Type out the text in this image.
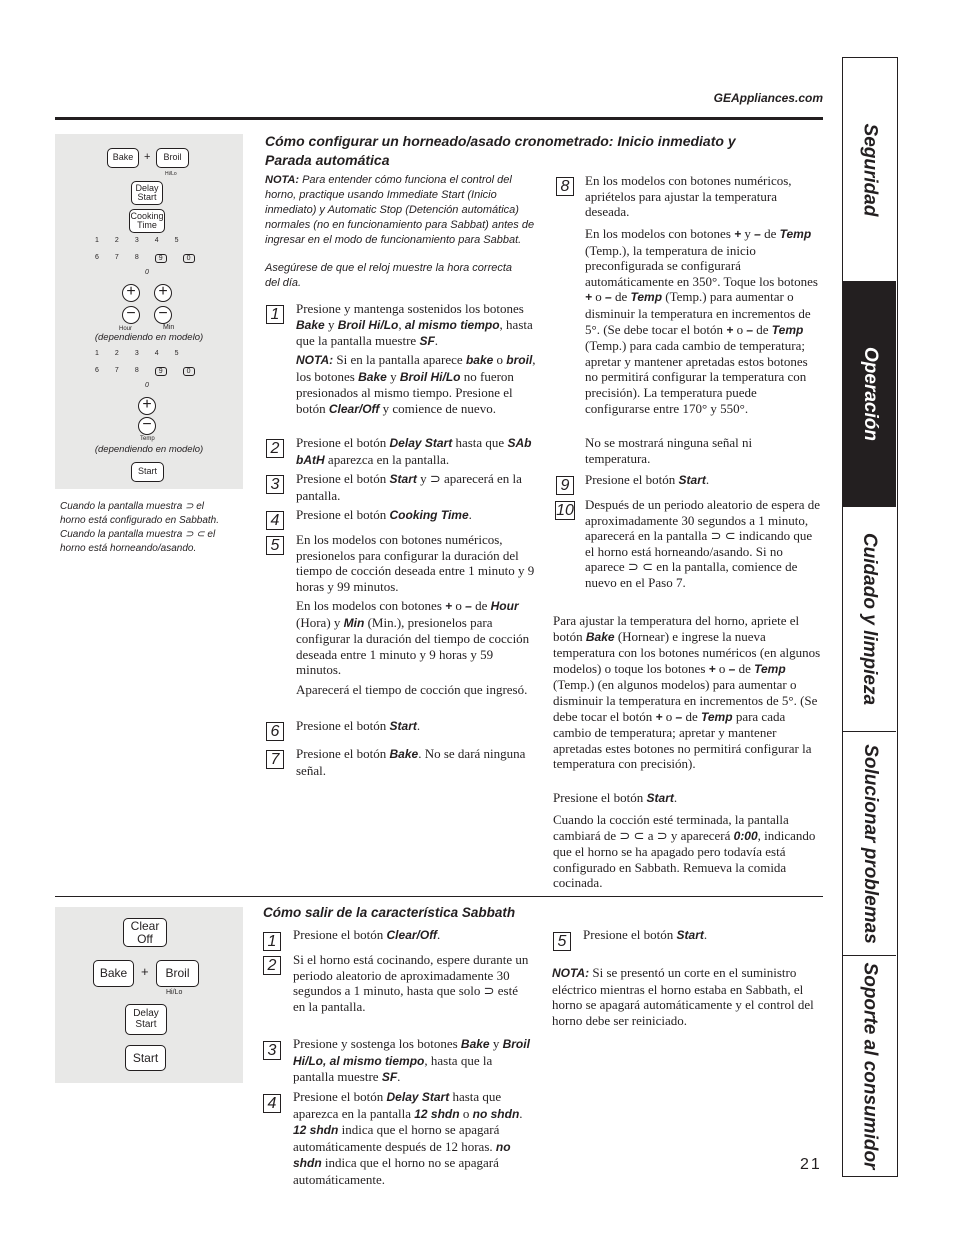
GEAppliances.com
Bake +	Broil
Hi/Lo
Delay
Start
Cooking
Time
1 2 3 4 5
6 7 8	9	0
0
+ +
− −
Hour	Min
(dependiendo en modelo)
1 2 3 4 5
6 7 8	9	0
0
+
−
Temp
(dependiendo en modelo)
Start
Cuando la pantalla muestra ⊃ el horno está configurado en Sabbath. Cuando la pantalla muestra ⊃ ⊂ el horno está horneando/asando.
Cómo configurar un horneado/asado cronometrado: Inicio inmediato y Parada automática
NOTA: Para entender cómo funciona el control del horno, practique usando Immediate Start (Inicio inmediato) y Automatic Stop (Detención automática) normales (no en funcionamiento para Sabbat) antes de ingresar en el modo de funcionamiento para Sabbat.
Asegúrese de que el reloj muestre la hora correcta del día.
1	Presione y mantenga sostenidos los botones Bake y Broil Hi/Lo, al mismo tiempo, hasta que la pantalla muestre SF.
NOTA: Si en la pantalla aparece bake o broil, los botones Bake y Broil Hi/Lo no fueron presionados al mismo tiempo. Presione el botón Clear/Off y comience de nuevo.
2	Presione el botón Delay Start hasta que SAb bAtH aparezca en la pantalla.
3	Presione el botón Start y ⊃ aparecerá en la pantalla.
4	Presione el botón Cooking Time.
5	En los modelos con botones numéricos, presionelos para configurar la duración del tiempo de cocción deseada entre 1 minuto y 9 horas y 99 minutos.
En los modelos con botones + o – de Hour (Hora) y Min (Min.), presionelos para configurar la duración del tiempo de cocción deseada entre 1 minuto y 9 horas y 59 minutos.
Aparecerá el tiempo de cocción que ingresó.
6	Presione el botón Start.
7	Presione el botón Bake. No se dará ninguna señal.
8	En los modelos con botones numéricos, apriételos para ajustar la temperatura deseada.
En los modelos con botones + y – de Temp (Temp.), la temperatura de inicio preconfigurada se configurará automáticamente en 350°. Toque los botones + o – de Temp (Temp.) para aumentar o disminuir la temperatura en incrementos de 5°. (Se debe tocar el botón + o – de Temp (Temp.) para cada cambio de temperatura; apretar y mantener apretadas estos botones no permitirá configurar la temperatura con precisión). La temperatura puede configurarse entre 170° y 550°.
No se mostrará ninguna señal ni temperatura.
9	Presione el botón Start.
10 Después de un periodo aleatorio de espera de aproximadamente 30 segundos a 1 minuto, aparecerá en la pantalla ⊃ ⊂ indicando que el horno está horneando/asando. Si no aparece ⊃ ⊂ en la pantalla, comience de nuevo en el Paso 7.
Para ajustar la temperatura del horno, apriete el botón Bake (Hornear) e ingrese la nueva temperatura con los botones numéricos (en algunos modelos) o toque los botones + o – de Temp (Temp.) (en algunos modelos) para aumentar o disminuir la temperatura en incrementos de 5°. (Se debe tocar el botón + o – de Temp para cada cambio de temperatura; apretar y mantener apretadas estes botones no permitirá configurar la temperatura con precisión).
Presione el botón Start.
Cuando la cocción esté terminada, la pantalla cambiará de ⊃ ⊂ a ⊃ y aparecerá 0:00, indicando que el horno se ha apagado pero todavía está configurado en Sabbath. Remueva la comida cocinada.
Clear
Off
Bake	+	Broil
Hi/Lo
Delay
Start
Start
Cómo salir de la característica Sabbath
1	Presione el botón Clear/Off.
2	Si el horno está cocinando, espere durante un periodo aleatorio de aproximadamente 30 segundos a 1 minuto, hasta que solo ⊃ esté en la pantalla.
3	Presione y sostenga los botones Bake y Broil Hi/Lo, al mismo tiempo, hasta que la pantalla muestre SF.
4	Presione el botón Delay Start hasta que aparezca en la pantalla 12 shdn o no shdn. 12 shdn indica que el horno se apagará automáticamente después de 12 horas. no shdn indica que el horno no se apagará automáticamente.
5	Presione el botón Start.
NOTA: Si se presentó un corte en el suministro eléctrico mientras el horno estaba en Sabbath, el horno se apagará automáticamente y el control del horno debe ser reiniciado.
21
Seguridad
Operación
Cuidado y limpieza
Solucionar problemas
Soporte al consumidor
